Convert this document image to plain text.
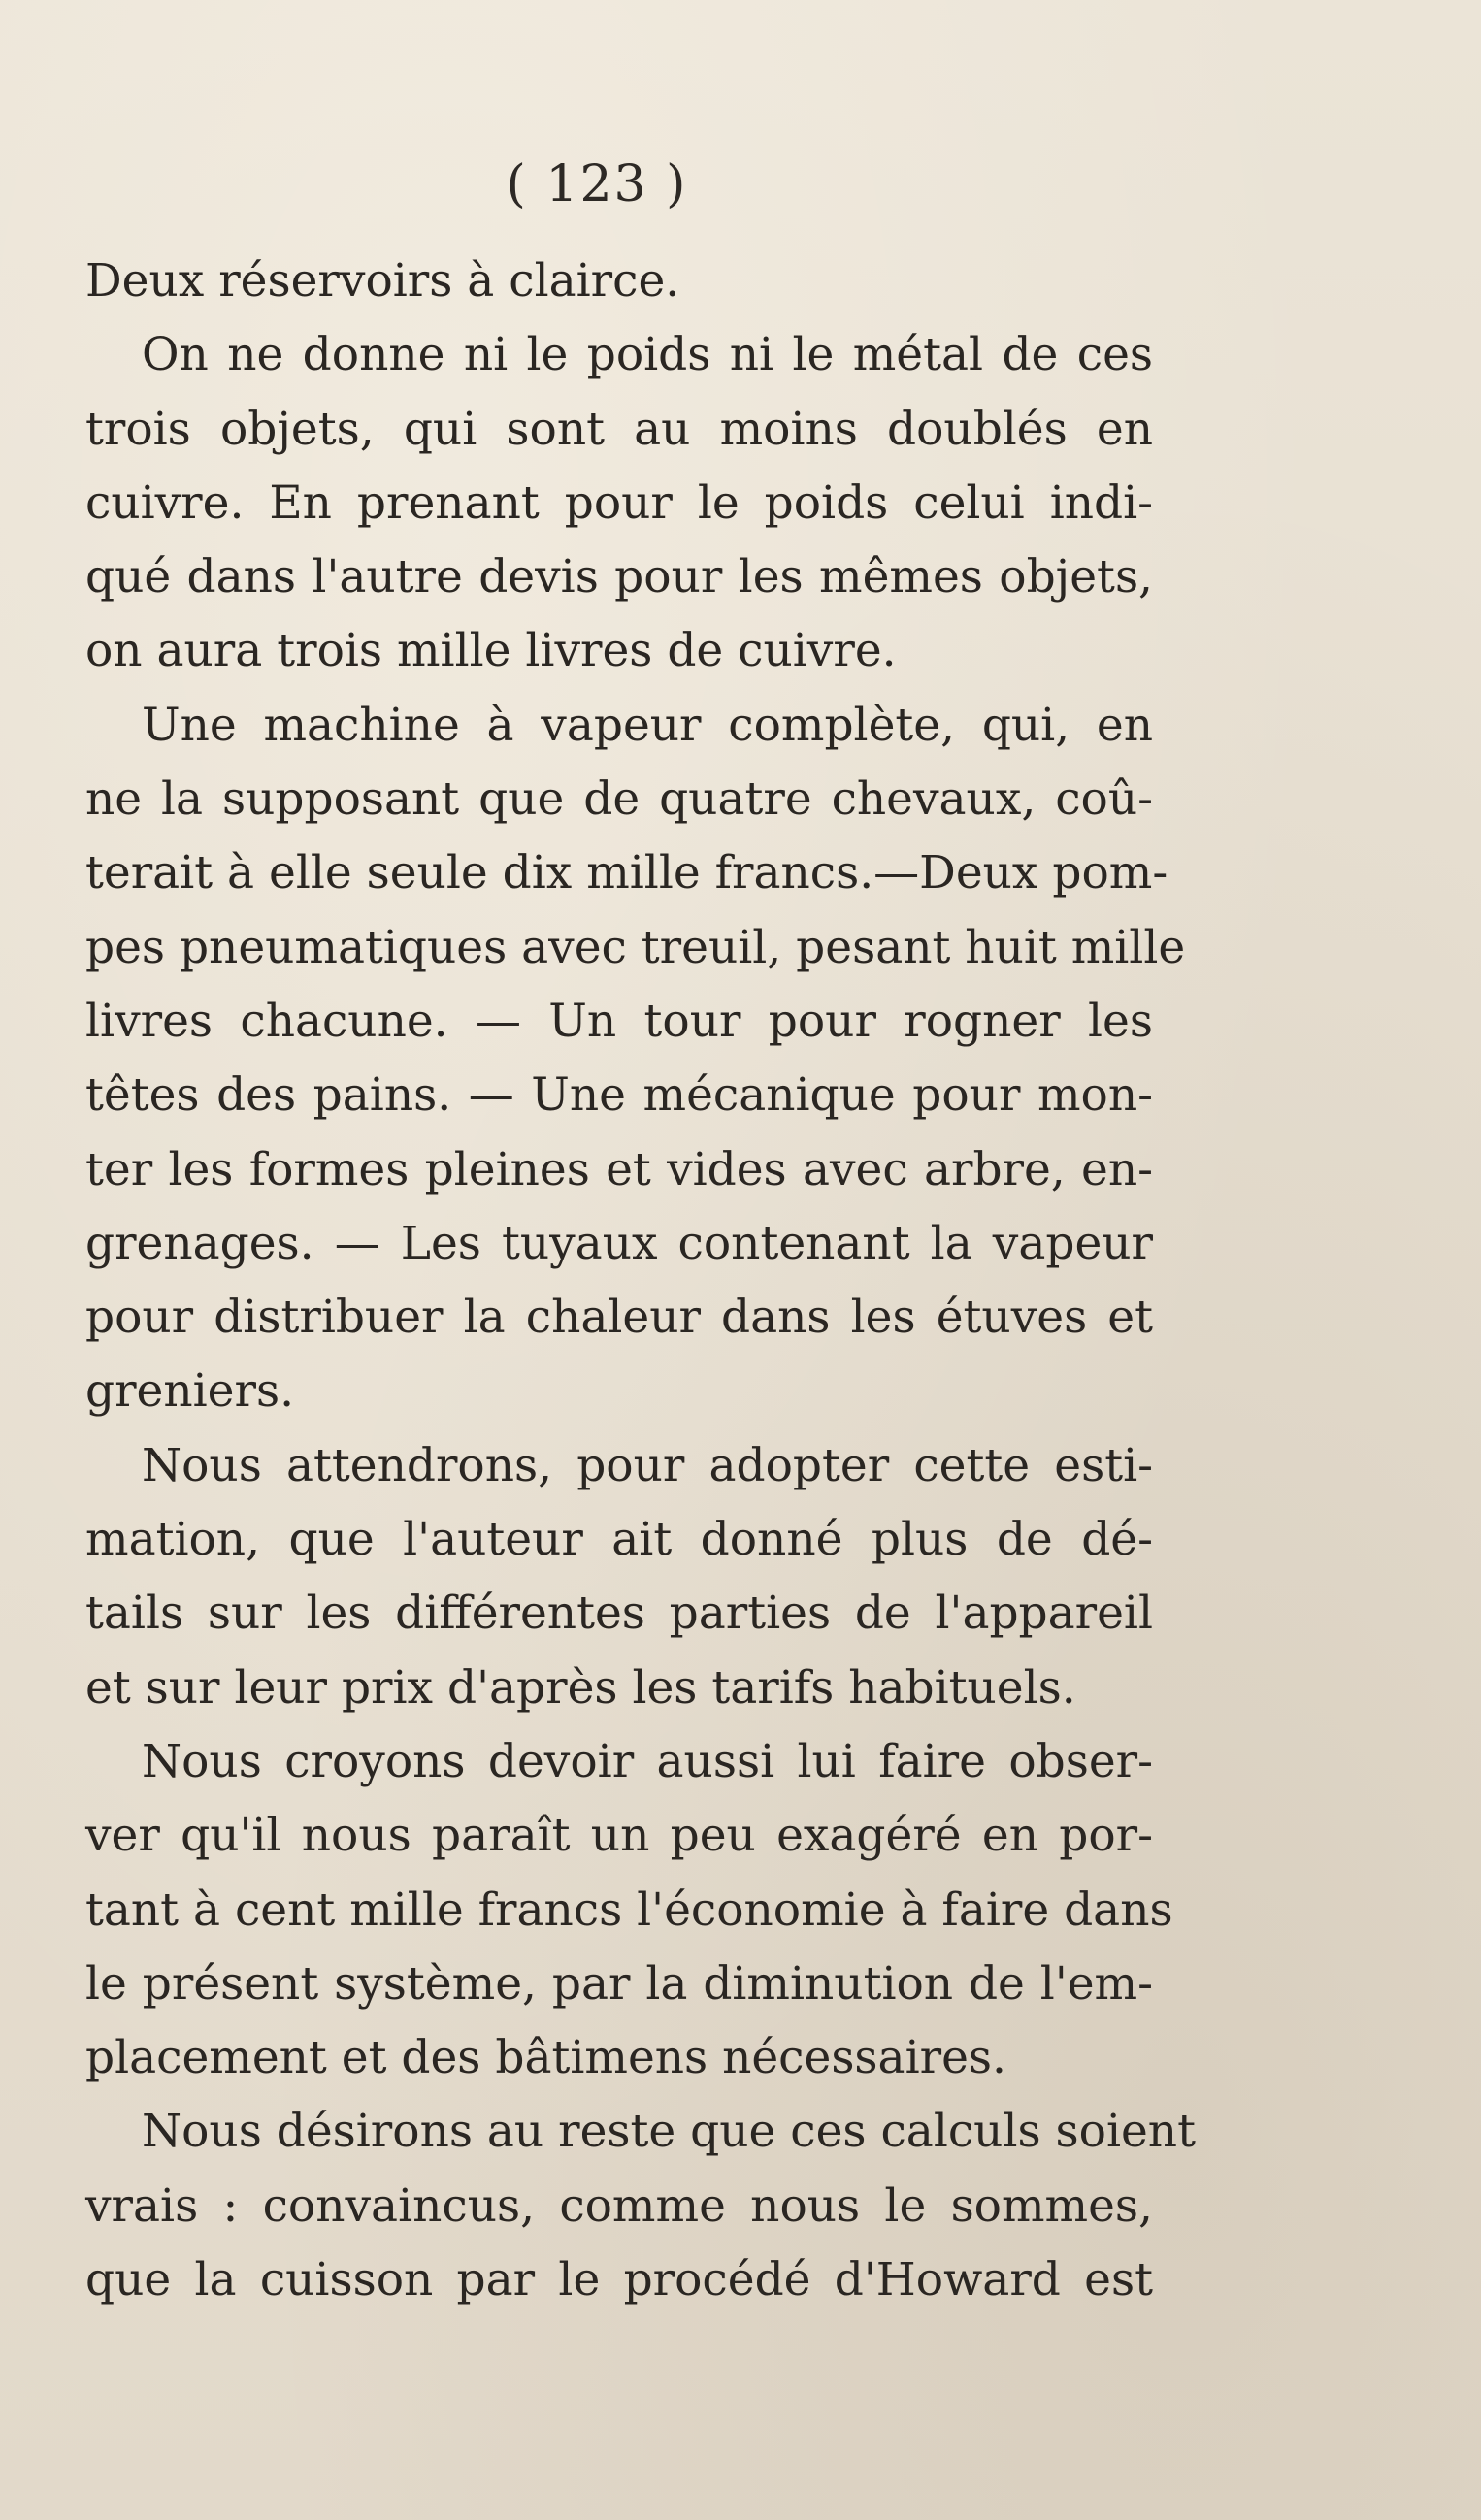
( 123 )
Deux réservoirs à clairce.
On ne donne ni le poids ni le métal de ces
trois objets, qui sont au moins doublés en
cuivre. En prenant pour le poids celui indi-
qué dans l'autre devis pour les mêmes objets,
on aura trois mille livres de cuivre.
Une machine à vapeur complète, qui, en
ne la supposant que de quatre chevaux, coû-
terait à elle seule dix mille francs.—Deux pom-
pes pneumatiques avec treuil, pesant huit mille
livres chacune. — Un tour pour rogner les
têtes des pains. — Une mécanique pour mon-
ter les formes pleines et vides avec arbre, en-
grenages. — Les tuyaux contenant la vapeur
pour distribuer la chaleur dans les étuves et
greniers.
Nous attendrons, pour adopter cette esti-
mation, que l'auteur ait donné plus de dé-
tails sur les différentes parties de l'appareil
et sur leur prix d'après les tarifs habituels.
Nous croyons devoir aussi lui faire obser-
ver qu'il nous paraît un peu exagéré en por-
tant à cent mille francs l'économie à faire dans
le présent système, par la diminution de l'em-
placement et des bâtimens nécessaires.
Nous désirons au reste que ces calculs soient
vrais : convaincus, comme nous le sommes,
que la cuisson par le procédé d'Howard est
